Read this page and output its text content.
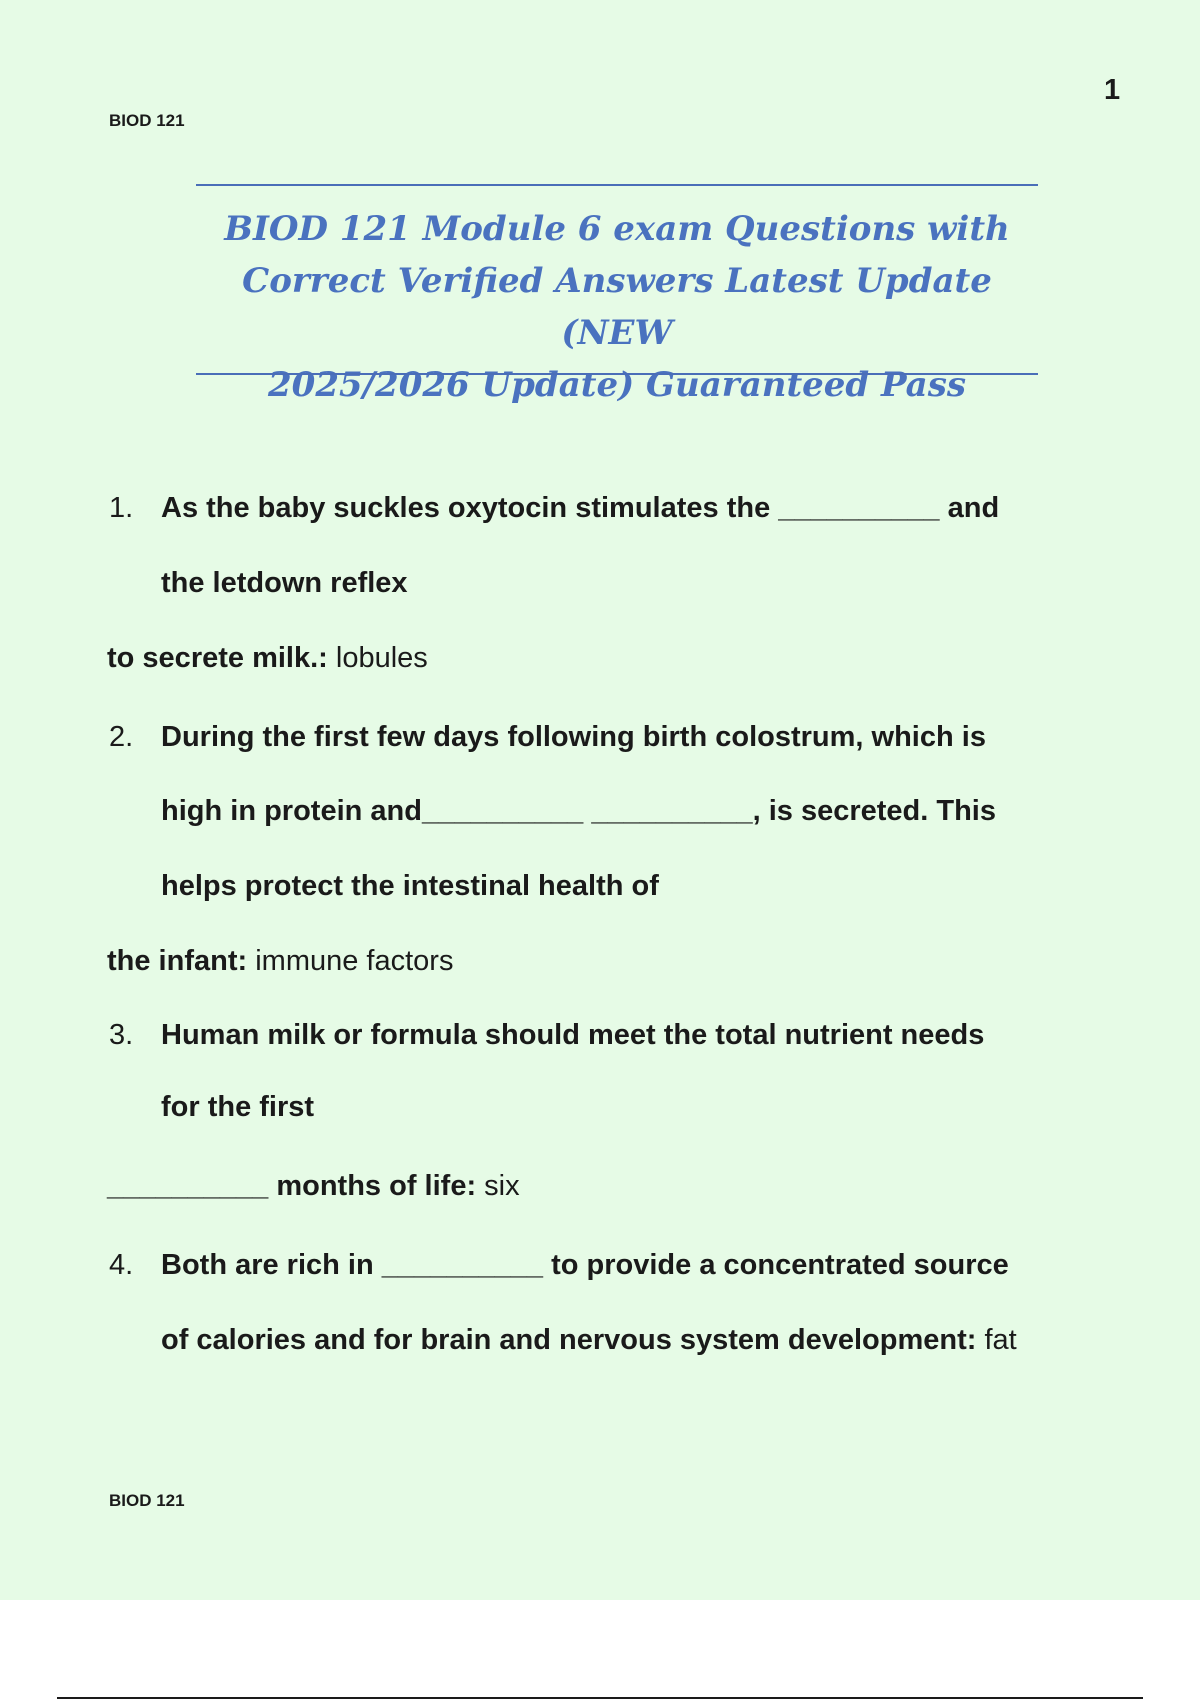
BIOD 121
1
BIOD 121 Module 6 exam Questions with
Correct Verified Answers Latest Update (NEW
2025/2026 Update) Guaranteed Pass
1. As the baby suckles oxytocin stimulates the __________ and
the letdown reflex
to secrete milk.: lobules
2. During the first few days following birth colostrum, which is
high in protein and__________ __________, is secreted. This
helps protect the intestinal health of
the infant: immune factors
3. Human milk or formula should meet the total nutrient needs
for the first
__________ months of life: six
4. Both are rich in __________ to provide a concentrated source
of calories and for brain and nervous system development: fat
BIOD 121
